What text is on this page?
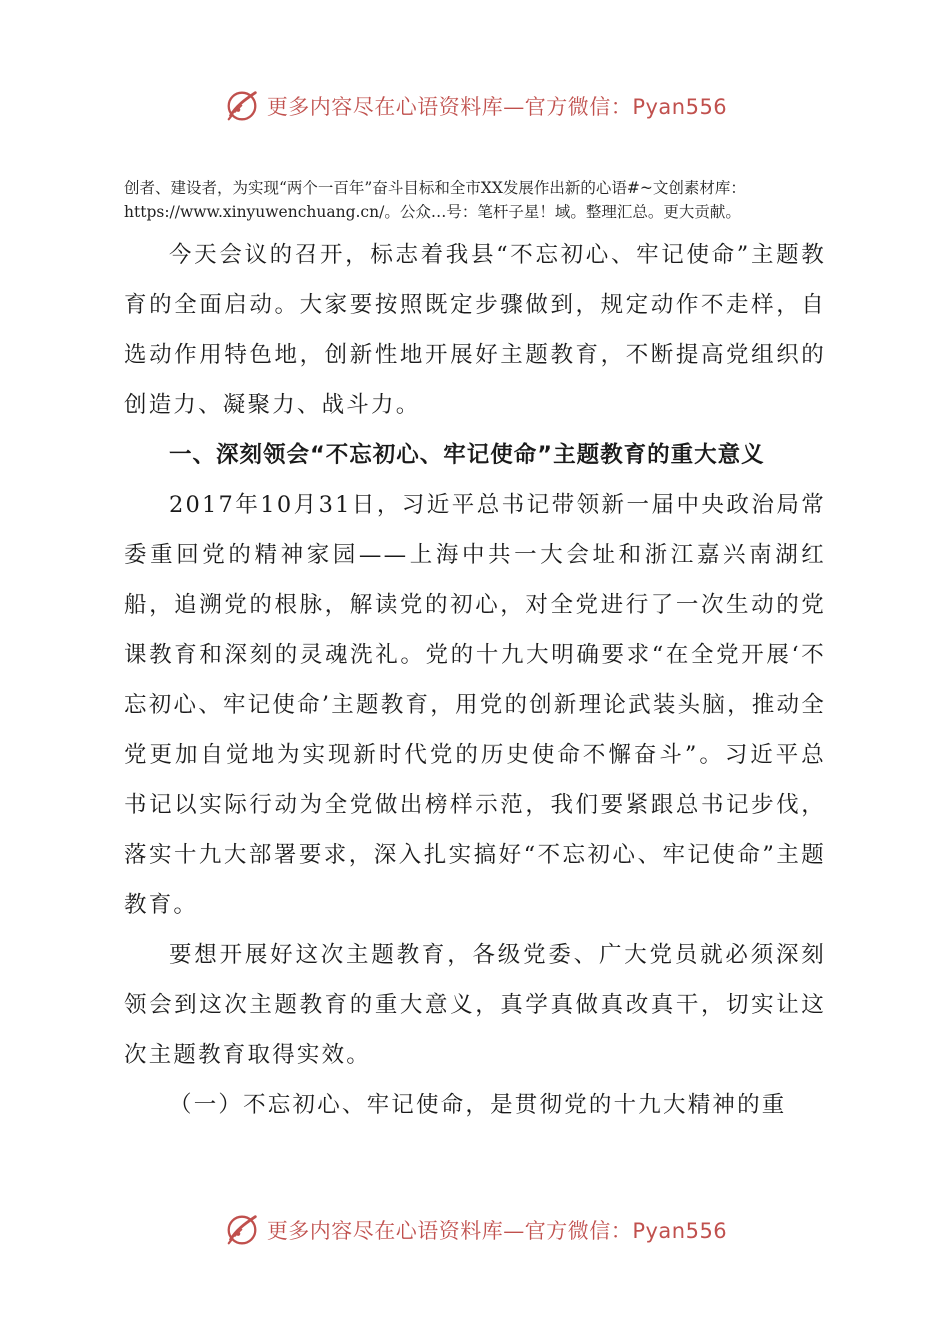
更多内容尽在心语资料库—官方微信：Pyan556

创者、建设者，为实现“两个一百年”奋斗目标和全市XX发展作出新的心语#~文创素材库：
https://www.xinyuwenchuang.cn/。公众…号：笔杆子星！域。整理汇总。更大贡献。

今天会议的召开，标志着我县“不忘初心、牢记使命”主题教育的全面启动。大家要按照既定步骤做到，规定动作不走样，自选动作用特色地，创新性地开展好主题教育，不断提高党组织的创造力、凝聚力、战斗力。

一、深刻领会“不忘初心、牢记使命”主题教育的重大意义

2017年10月31日，习近平总书记带领新一届中央政治局常委重回党的精神家园——上海中共一大会址和浙江嘉兴南湖红船，追溯党的根脉，解读党的初心，对全党进行了一次生动的党课教育和深刻的灵魂洗礼。党的十九大明确要求“在全党开展‘不忘初心、牢记使命’主题教育，用党的创新理论武装头脑，推动全党更加自觉地为实现新时代党的历史使命不懈奋斗”。习近平总书记以实际行动为全党做出榜样示范，我们要紧跟总书记步伐，落实十九大部署要求，深入扎实搞好“不忘初心、牢记使命”主题教育。

要想开展好这次主题教育，各级党委、广大党员就必须深刻领会到这次主题教育的重大意义，真学真做真改真干，切实让这次主题教育取得实效。

（一）不忘初心、牢记使命，是贯彻党的十九大精神的重

更多内容尽在心语资料库—官方微信：Pyan556
